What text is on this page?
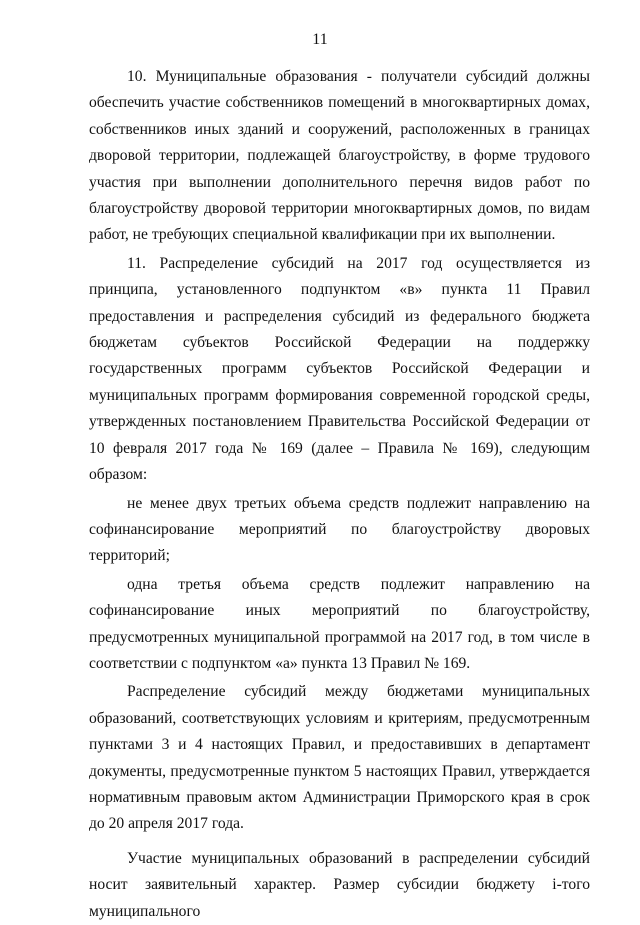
11

10. Муниципальные образования - получатели субсидий должны обеспечить участие собственников помещений в многоквартирных домах, собственников иных зданий и сооружений, расположенных в границах дворовой территории, подлежащей благоустройству, в форме трудового участия при выполнении дополнительного перечня видов работ по благоустройству дворовой территории многоквартирных домов, по видам работ, не требующих специальной квалификации при их выполнении.

11. Распределение субсидий на 2017 год осуществляется из принципа, установленного подпунктом «в» пункта 11 Правил предоставления и распределения субсидий из федерального бюджета бюджетам субъектов Российской Федерации на поддержку государственных программ субъектов Российской Федерации и муниципальных программ формирования современной городской среды, утвержденных постановлением Правительства Российской Федерации от 10 февраля 2017 года № 169 (далее – Правила № 169), следующим образом:

не менее двух третьих объема средств подлежит направлению на софинансирование мероприятий по благоустройству дворовых территорий;

одна третья объема средств подлежит направлению на софинансирование иных мероприятий по благоустройству, предусмотренных муниципальной программой на 2017 год, в том числе в соответствии с подпунктом «а» пункта 13 Правил № 169.

Распределение субсидий между бюджетами муниципальных образований, соответствующих условиям и критериям, предусмотренным пунктами 3 и 4 настоящих Правил, и предоставивших в департамент документы, предусмотренные пунктом 5 настоящих Правил, утверждается нормативным правовым актом Администрации Приморского края в срок до 20 апреля 2017 года.

Участие муниципальных образований в распределении субсидий носит заявительный характер. Размер субсидии бюджету i-того муниципального
